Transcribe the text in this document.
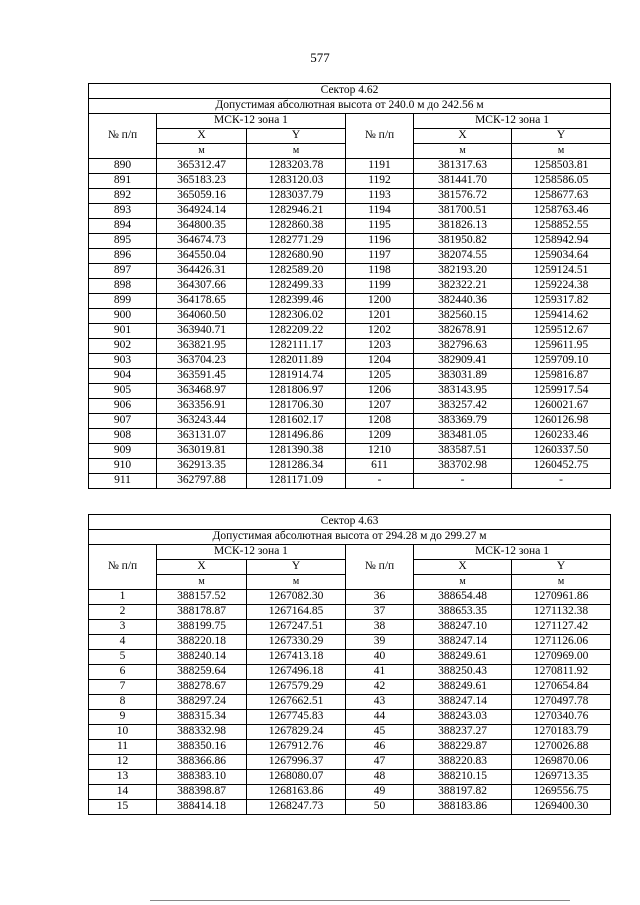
577
Сектор 4.62					
Допустимая абсолютная высота от 240.0 м до 242.56 м					
№ п/п	МСК-12 зона 1		№ п/п	МСК-12 зона 1	
	X	Y		X	Y
	м	м		м	м
890	365312.47	1283203.78	1191	381317.63	1258503.81
891	365183.23	1283120.03	1192	381441.70	1258586.05
892	365059.16	1283037.79	1193	381576.72	1258677.63
893	364924.14	1282946.21	1194	381700.51	1258763.46
894	364800.35	1282860.38	1195	381826.13	1258852.55
895	364674.73	1282771.29	1196	381950.82	1258942.94
896	364550.04	1282680.90	1197	382074.55	1259034.64
897	364426.31	1282589.20	1198	382193.20	1259124.51
898	364307.66	1282499.33	1199	382322.21	1259224.38
899	364178.65	1282399.46	1200	382440.36	1259317.82
900	364060.50	1282306.02	1201	382560.15	1259414.62
901	363940.71	1282209.22	1202	382678.91	1259512.67
902	363821.95	1282111.17	1203	382796.63	1259611.95
903	363704.23	1282011.89	1204	382909.41	1259709.10
904	363591.45	1281914.74	1205	383031.89	1259816.87
905	363468.97	1281806.97	1206	383143.95	1259917.54
906	363356.91	1281706.30	1207	383257.42	1260021.67
907	363243.44	1281602.17	1208	383369.79	1260126.98
908	363131.07	1281496.86	1209	383481.05	1260233.46
909	363019.81	1281390.38	1210	383587.51	1260337.50
910	362913.35	1281286.34	611	383702.98	1260452.75
911	362797.88	1281171.09	-	-	-
Сектор 4.63					
Допустимая абсолютная высота от 294.28 м до 299.27 м					
№ п/п	МСК-12 зона 1		№ п/п	МСК-12 зона 1	
	X	Y		X	Y
	м	м		м	м
1	388157.52	1267082.30	36	388654.48	1270961.86
2	388178.87	1267164.85	37	388653.35	1271132.38
3	388199.75	1267247.51	38	388247.10	1271127.42
4	388220.18	1267330.29	39	388247.14	1271126.06
5	388240.14	1267413.18	40	388249.61	1270969.00
6	388259.64	1267496.18	41	388250.43	1270811.92
7	388278.67	1267579.29	42	388249.61	1270654.84
8	388297.24	1267662.51	43	388247.14	1270497.78
9	388315.34	1267745.83	44	388243.03	1270340.76
10	388332.98	1267829.24	45	388237.27	1270183.79
11	388350.16	1267912.76	46	388229.87	1270026.88
12	388366.86	1267996.37	47	388220.83	1269870.06
13	388383.10	1268080.07	48	388210.15	1269713.35
14	388398.87	1268163.86	49	388197.82	1269556.75
15	388414.18	1268247.73	50	388183.86	1269400.30
